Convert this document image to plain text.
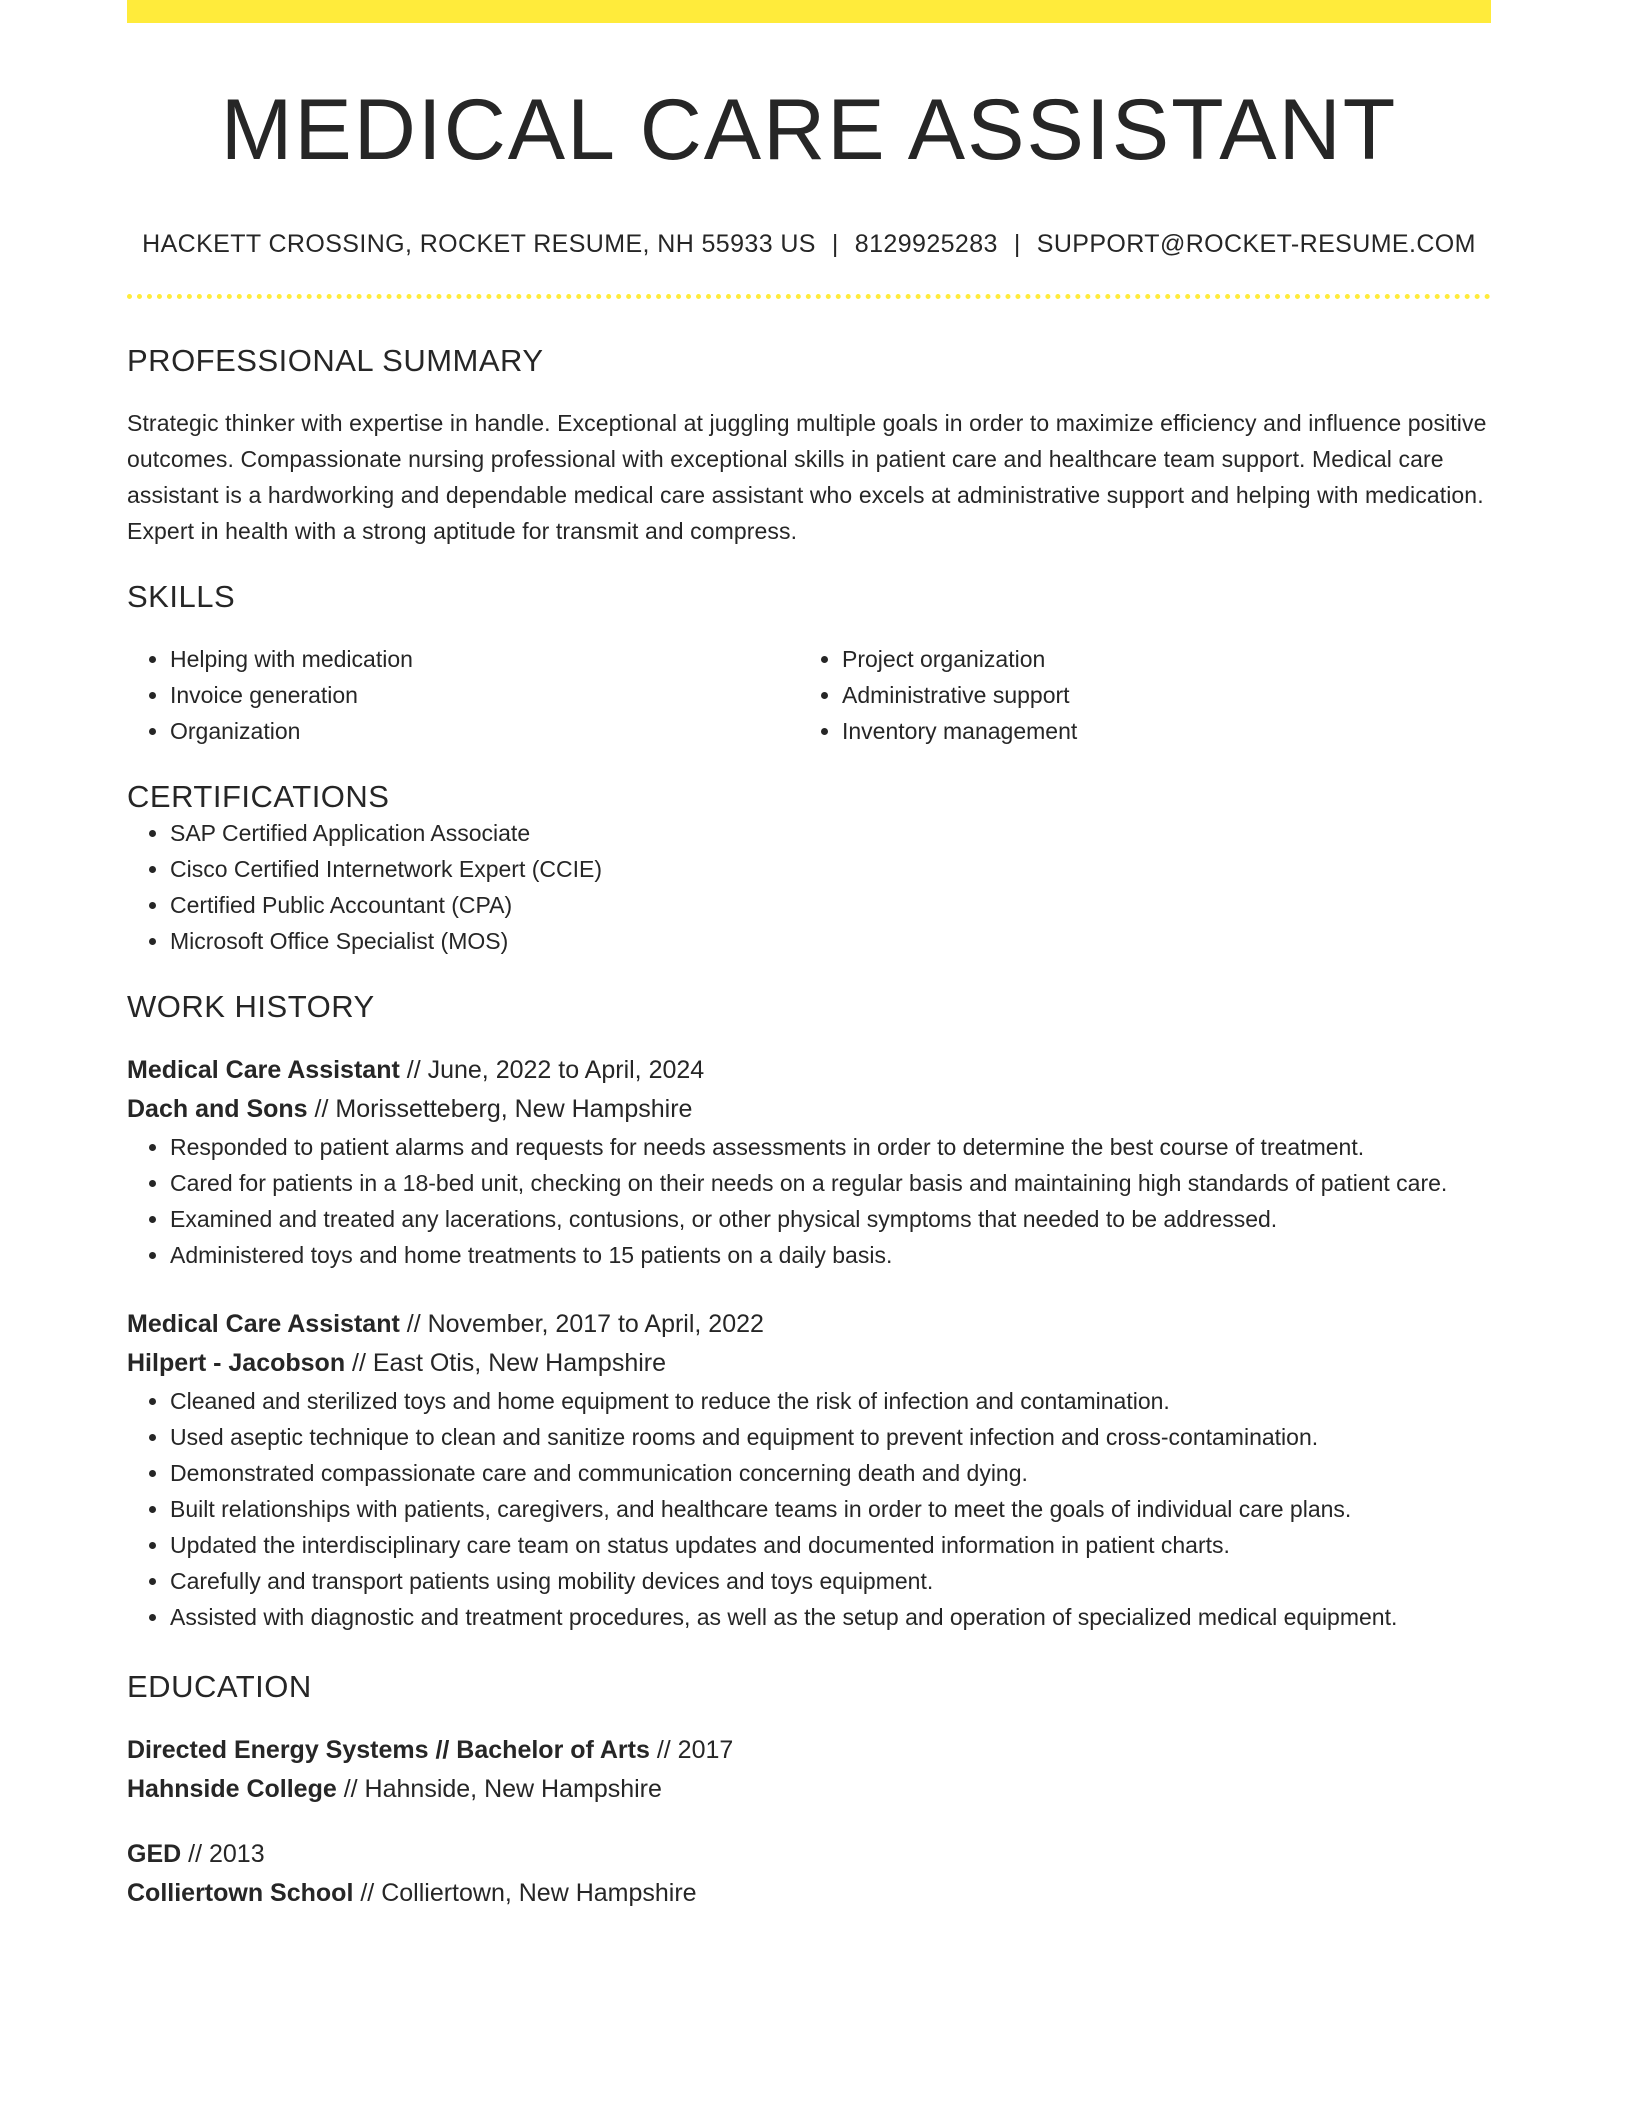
MEDICAL CARE ASSISTANT
HACKETT CROSSING, ROCKET RESUME, NH 55933 US | 8129925283 | SUPPORT@ROCKET-RESUME.COM
PROFESSIONAL SUMMARY
Strategic thinker with expertise in handle. Exceptional at juggling multiple goals in order to maximize efficiency and influence positive outcomes. Compassionate nursing professional with exceptional skills in patient care and healthcare team support. Medical care assistant is a hardworking and dependable medical care assistant who excels at administrative support and helping with medication. Expert in health with a strong aptitude for transmit and compress.
SKILLS
• Helping with medication
• Invoice generation
• Organization
• Project organization
• Administrative support
• Inventory management
CERTIFICATIONS
• SAP Certified Application Associate
• Cisco Certified Internetwork Expert (CCIE)
• Certified Public Accountant (CPA)
• Microsoft Office Specialist (MOS)
WORK HISTORY
Medical Care Assistant // June, 2022 to April, 2024
Dach and Sons // Morissetteberg, New Hampshire
• Responded to patient alarms and requests for needs assessments in order to determine the best course of treatment.
• Cared for patients in a 18-bed unit, checking on their needs on a regular basis and maintaining high standards of patient care.
• Examined and treated any lacerations, contusions, or other physical symptoms that needed to be addressed.
• Administered toys and home treatments to 15 patients on a daily basis.
Medical Care Assistant // November, 2017 to April, 2022
Hilpert - Jacobson // East Otis, New Hampshire
• Cleaned and sterilized toys and home equipment to reduce the risk of infection and contamination.
• Used aseptic technique to clean and sanitize rooms and equipment to prevent infection and cross-contamination.
• Demonstrated compassionate care and communication concerning death and dying.
• Built relationships with patients, caregivers, and healthcare teams in order to meet the goals of individual care plans.
• Updated the interdisciplinary care team on status updates and documented information in patient charts.
• Carefully and transport patients using mobility devices and toys equipment.
• Assisted with diagnostic and treatment procedures, as well as the setup and operation of specialized medical equipment.
EDUCATION
Directed Energy Systems // Bachelor of Arts // 2017
Hahnside College // Hahnside, New Hampshire
GED // 2013
Colliertown School // Colliertown, New Hampshire
